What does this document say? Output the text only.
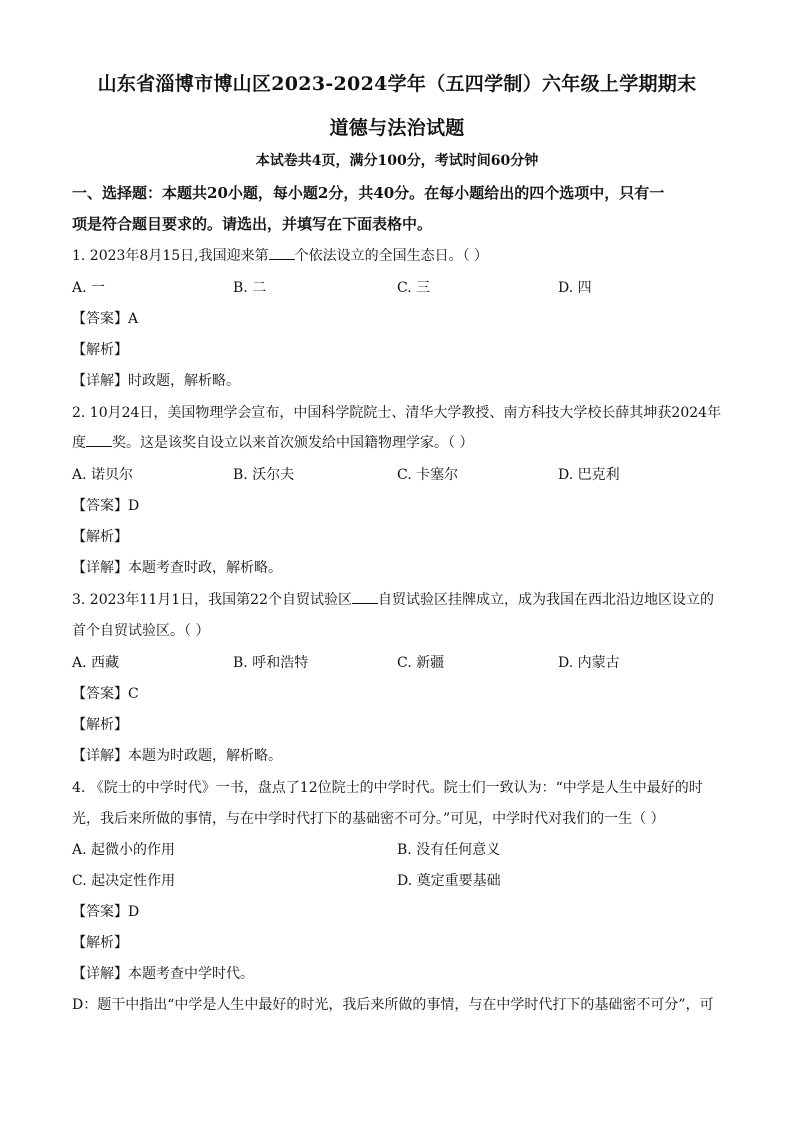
山东省淄博市博山区2023-2024学年（五四学制）六年级上学期期末
道德与法治试题
本试卷共4页，满分100分，考试时间60分钟
一、选择题：本题共20小题，每小题2分，共40分。在每小题给出的四个选项中，只有一
项是符合题目要求的。请选出，并填写在下面表格中。
1. 2023年8月15日,我国迎来第 个依法设立的全国生态日。（ ）
A. 一	B. 二	C. 三	D. 四
【答案】A
【解析】
【详解】时政题，解析略。
2. 10月24日，美国物理学会宣布，中国科学院院士、清华大学教授、南方科技大学校长薛其坤获2024年
度 奖。这是该奖自设立以来首次颁发给中国籍物理学家。（ ）
A. 诺贝尔	B. 沃尔夫	C. 卡塞尔	D. 巴克利
【答案】D
【解析】
【详解】本题考查时政，解析略。
3. 2023年11月1日，我国第22个自贸试验区 自贸试验区挂牌成立，成为我国在西北沿边地区设立的
首个自贸试验区。（ ）
A. 西藏	B. 呼和浩特	C. 新疆	D. 内蒙古
【答案】C
【解析】
【详解】本题为时政题，解析略。
4. 《院士的中学时代》一书，盘点了12位院士的中学时代。院士们一致认为：“中学是人生中最好的时
光，我后来所做的事情，与在中学时代打下的基础密不可分。”可见，中学时代对我们的一生（ ）
A. 起微小的作用	B. 没有任何意义
C. 起决定性作用	D. 奠定重要基础
【答案】D
【解析】
【详解】本题考查中学时代。
D：题干中指出“中学是人生中最好的时光，我后来所做的事情，与在中学时代打下的基础密不可分”，可
